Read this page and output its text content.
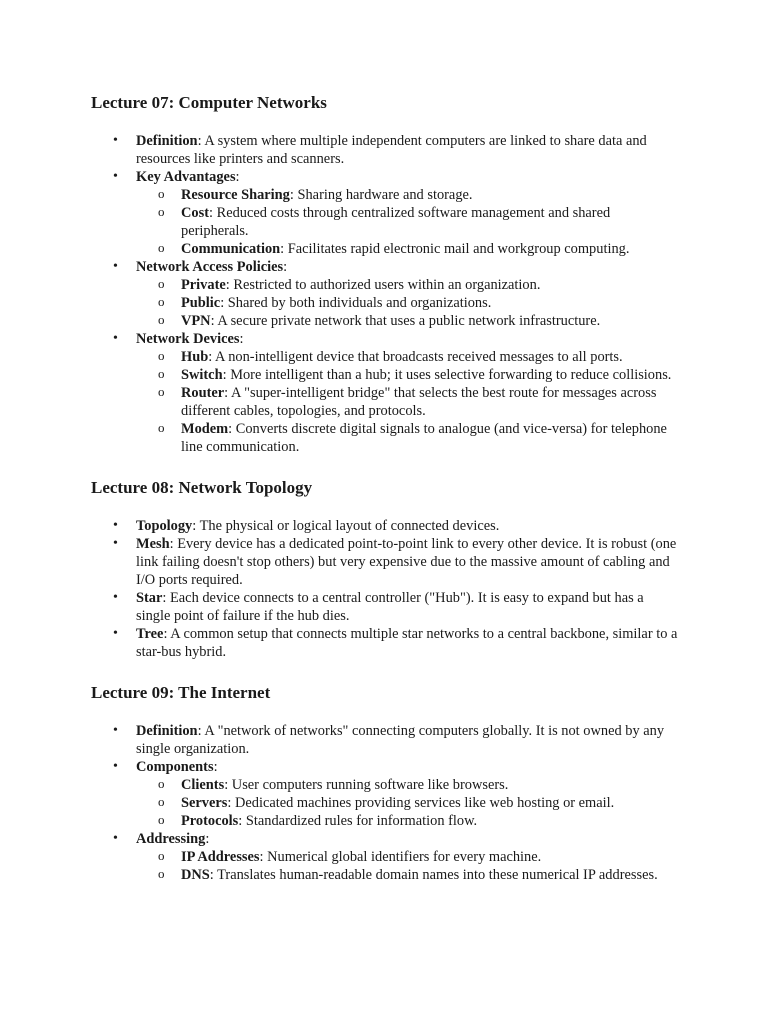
Lecture 07: Computer Networks
• Definition: A system where multiple independent computers are linked to share data and resources like printers and scanners.
• Key Advantages:
o Resource Sharing: Sharing hardware and storage.
o Cost: Reduced costs through centralized software management and shared peripherals.
o Communication: Facilitates rapid electronic mail and workgroup computing.
• Network Access Policies:
o Private: Restricted to authorized users within an organization.
o Public: Shared by both individuals and organizations.
o VPN: A secure private network that uses a public network infrastructure.
• Network Devices:
o Hub: A non-intelligent device that broadcasts received messages to all ports.
o Switch: More intelligent than a hub; it uses selective forwarding to reduce collisions.
o Router: A "super-intelligent bridge" that selects the best route for messages across different cables, topologies, and protocols.
o Modem: Converts discrete digital signals to analogue (and vice-versa) for telephone line communication.
Lecture 08: Network Topology
• Topology: The physical or logical layout of connected devices.
• Mesh: Every device has a dedicated point-to-point link to every other device. It is robust (one link failing doesn't stop others) but very expensive due to the massive amount of cabling and I/O ports required.
• Star: Each device connects to a central controller ("Hub"). It is easy to expand but has a single point of failure if the hub dies.
• Tree: A common setup that connects multiple star networks to a central backbone, similar to a star-bus hybrid.
Lecture 09: The Internet
• Definition: A "network of networks" connecting computers globally. It is not owned by any single organization.
• Components:
o Clients: User computers running software like browsers.
o Servers: Dedicated machines providing services like web hosting or email.
o Protocols: Standardized rules for information flow.
• Addressing:
o IP Addresses: Numerical global identifiers for every machine.
o DNS: Translates human-readable domain names into these numerical IP addresses.
